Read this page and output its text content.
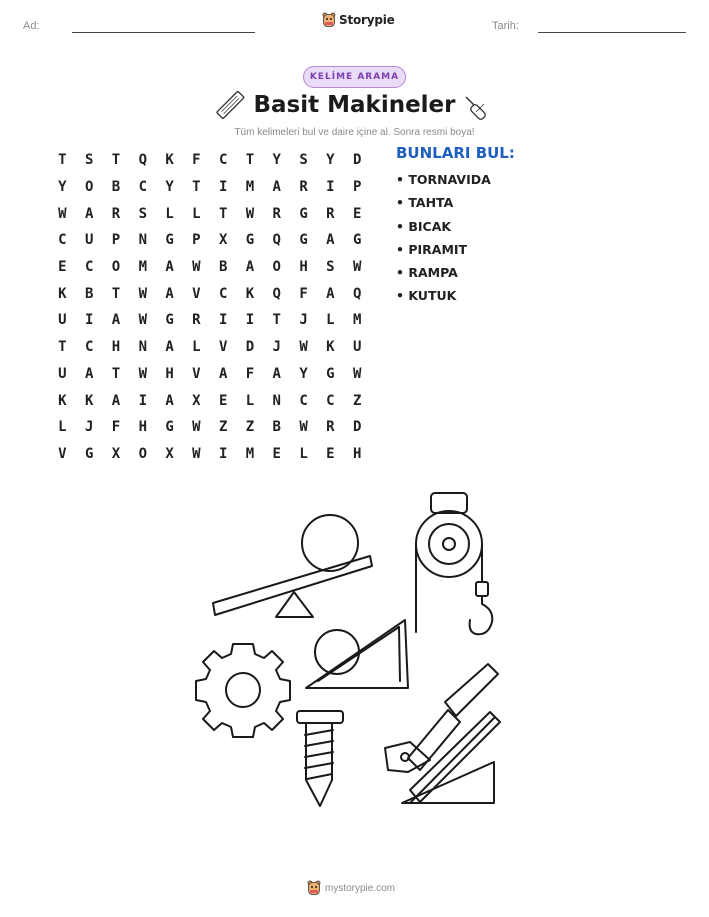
Ad:	Tarih:
Storypie
KELİME ARAMA
Basit Makineler
Tüm kelimeleri bul ve daire içine al. Sonra resmi boya!
T	S	T	Q	K	F	C	T	Y	S	Y	D
Y	O	B	C	Y	T	I	M	A	R	I	P
W	A	R	S	L	L	T	W	R	G	R	E
C	U	P	N	G	P	X	G	Q	G	A	G
E	C	O	M	A	W	B	A	O	H	S	W
K	B	T	W	A	V	C	K	Q	F	A	Q
U	I	A	W	G	R	I	I	T	J	L	M
T	C	H	N	A	L	V	D	J	W	K	U
U	A	T	W	H	V	A	F	A	Y	G	W
K	K	A	I	A	X	E	L	N	C	C	Z
L	J	F	H	G	W	Z	Z	B	W	R	D
V	G	X	O	X	W	I	M	E	L	E	H
BUNLARI BUL:
• TORNAVIDA
• TAHTA
• BICAK
• PIRAMIT
• RAMPA
• KUTUK
mystorypie.com
